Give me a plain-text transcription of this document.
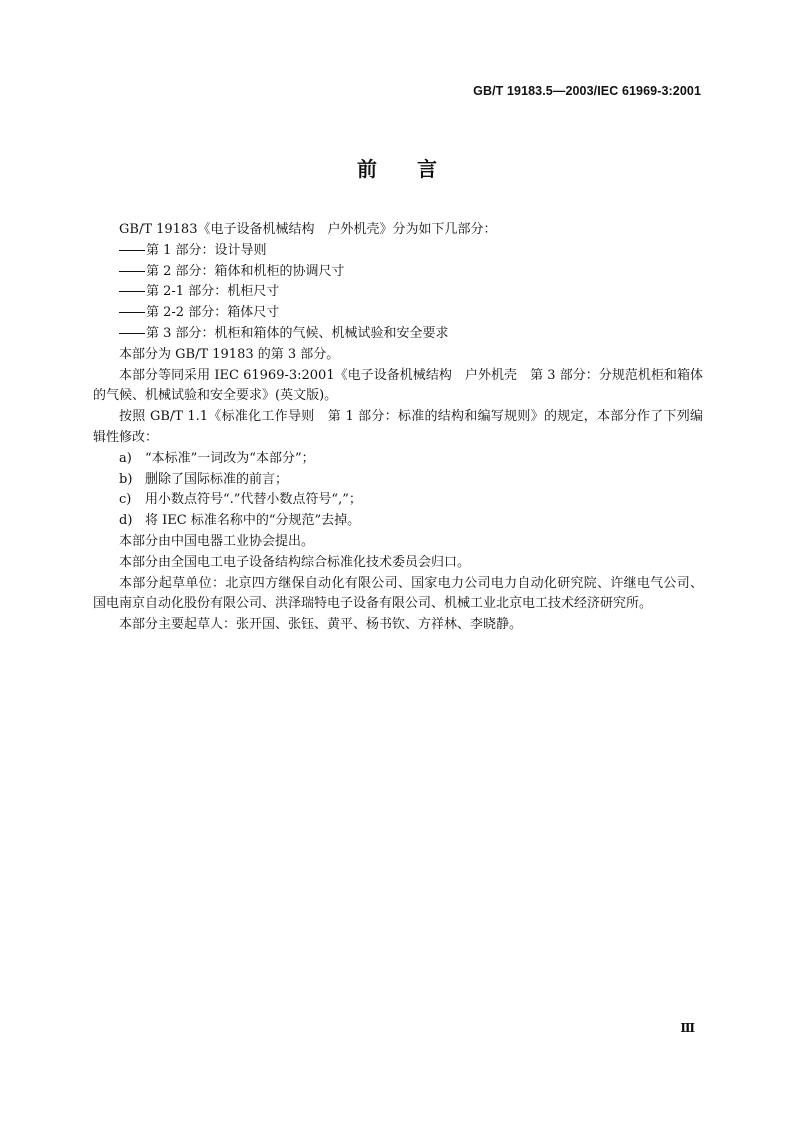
GB/T 19183.5—2003/IEC 61969-3:2001
前言

GB/T 19183《电子设备机械结构　户外机壳》分为如下几部分：

第 1 部分：设计导则

第 2 部分：箱体和机柜的协调尺寸

第 2-1 部分：机柜尺寸

第 2-2 部分：箱体尺寸

第 3 部分：机柜和箱体的气候、机械试验和安全要求

本部分为 GB/T 19183 的第 3 部分。

本部分等同采用 IEC 61969-3:2001《电子设备机械结构　户外机壳　第 3 部分：分规范机柜和箱体的气候、机械试验和安全要求》(英文版)。

按照 GB/T 1.1《标准化工作导则　第 1 部分：标准的结构和编写规则》的规定，本部分作了下列编辑性修改：

a) “本标准”一词改为“本部分”；

b) 删除了国际标准的前言；

c) 用小数点符号“.”代替小数点符号“,”；

d) 将 IEC 标准名称中的“分规范”去掉。

本部分由中国电器工业协会提出。

本部分由全国电工电子设备结构综合标准化技术委员会归口。

本部分起草单位：北京四方继保自动化有限公司、国家电力公司电力自动化研究院、许继电气公司、国电南京自动化股份有限公司、洪泽瑞特电子设备有限公司、机械工业北京电工技术经济研究所。

本部分主要起草人：张开国、张钰、黄平、杨书钦、方祥林、李晓静。

Ⅲ
